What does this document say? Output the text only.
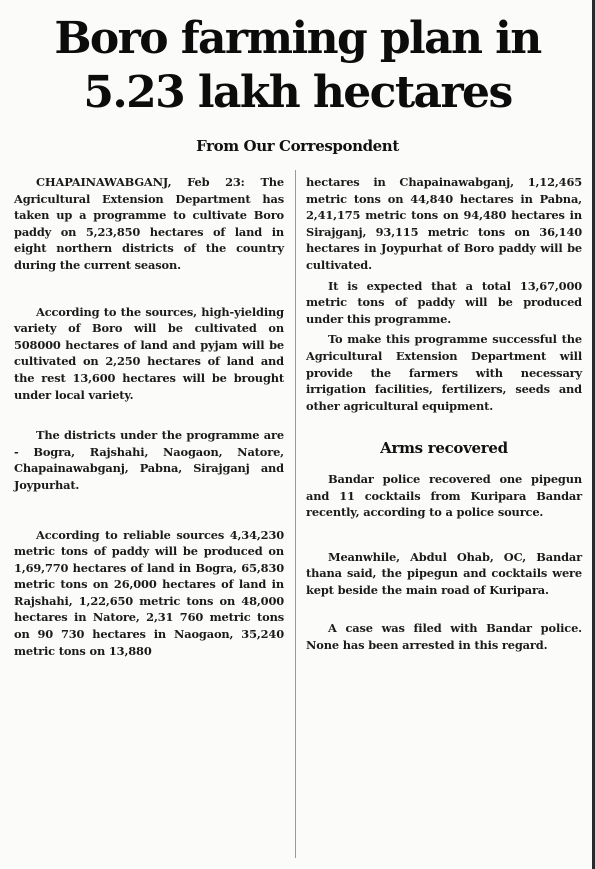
Boro farming plan in
5.23 lakh hectares
From Our Correspondent

CHAPAINAWABGANJ, Feb 23: The Agricultural Extension Department has taken up a programme to cultivate Boro paddy on 5,23,850 hectares of land in eight northern districts of the country during the current season.

According to the sources, high-yielding variety of Boro will be cultivated on 508000 hectares of land and pyjam will be cultivated on 2,250 hectares of land and the rest 13,600 hectares will be brought under local variety.

The districts under the programme are - Bogra, Rajshahi, Naogaon, Natore, Chapainawabganj, Pabna, Sirajganj and Joypurhat.

According to reliable sources 4,34,230 metric tons of paddy will be produced on 1,69,770 hectares of land in Bogra, 65,830 metric tons on 26,000 hectares of land in Rajshahi, 1,22,650 metric tons on 48,000 hectares in Natore, 2,31 760 metric tons on 90 730 hectares in Naogaon, 35,240 metric tons on 13,880

hectares in Chapainawabganj, 1,12,465 metric tons on 44,840 hectares in Pabna, 2,41,175 metric tons on 94,480 hectares in Sirajganj, 93,115 metric tons on 36,140 hectares in Joypurhat of Boro paddy will be cultivated.

It is expected that a total 13,67,000 metric tons of paddy will be produced under this programme.

To make this programme successful the Agricultural Extension Department will provide the farmers with necessary irrigation facilities, fertilizers, seeds and other agricultural equipment.

Arms recovered

Bandar police recovered one pipegun and 11 cocktails from Kuripara Bandar recently, according to a police source.

Meanwhile, Abdul Ohab, OC, Bandar thana said, the pipegun and cocktails were kept beside the main road of Kuripara.

A case was filed with Bandar police. None has been arrested in this regard.
